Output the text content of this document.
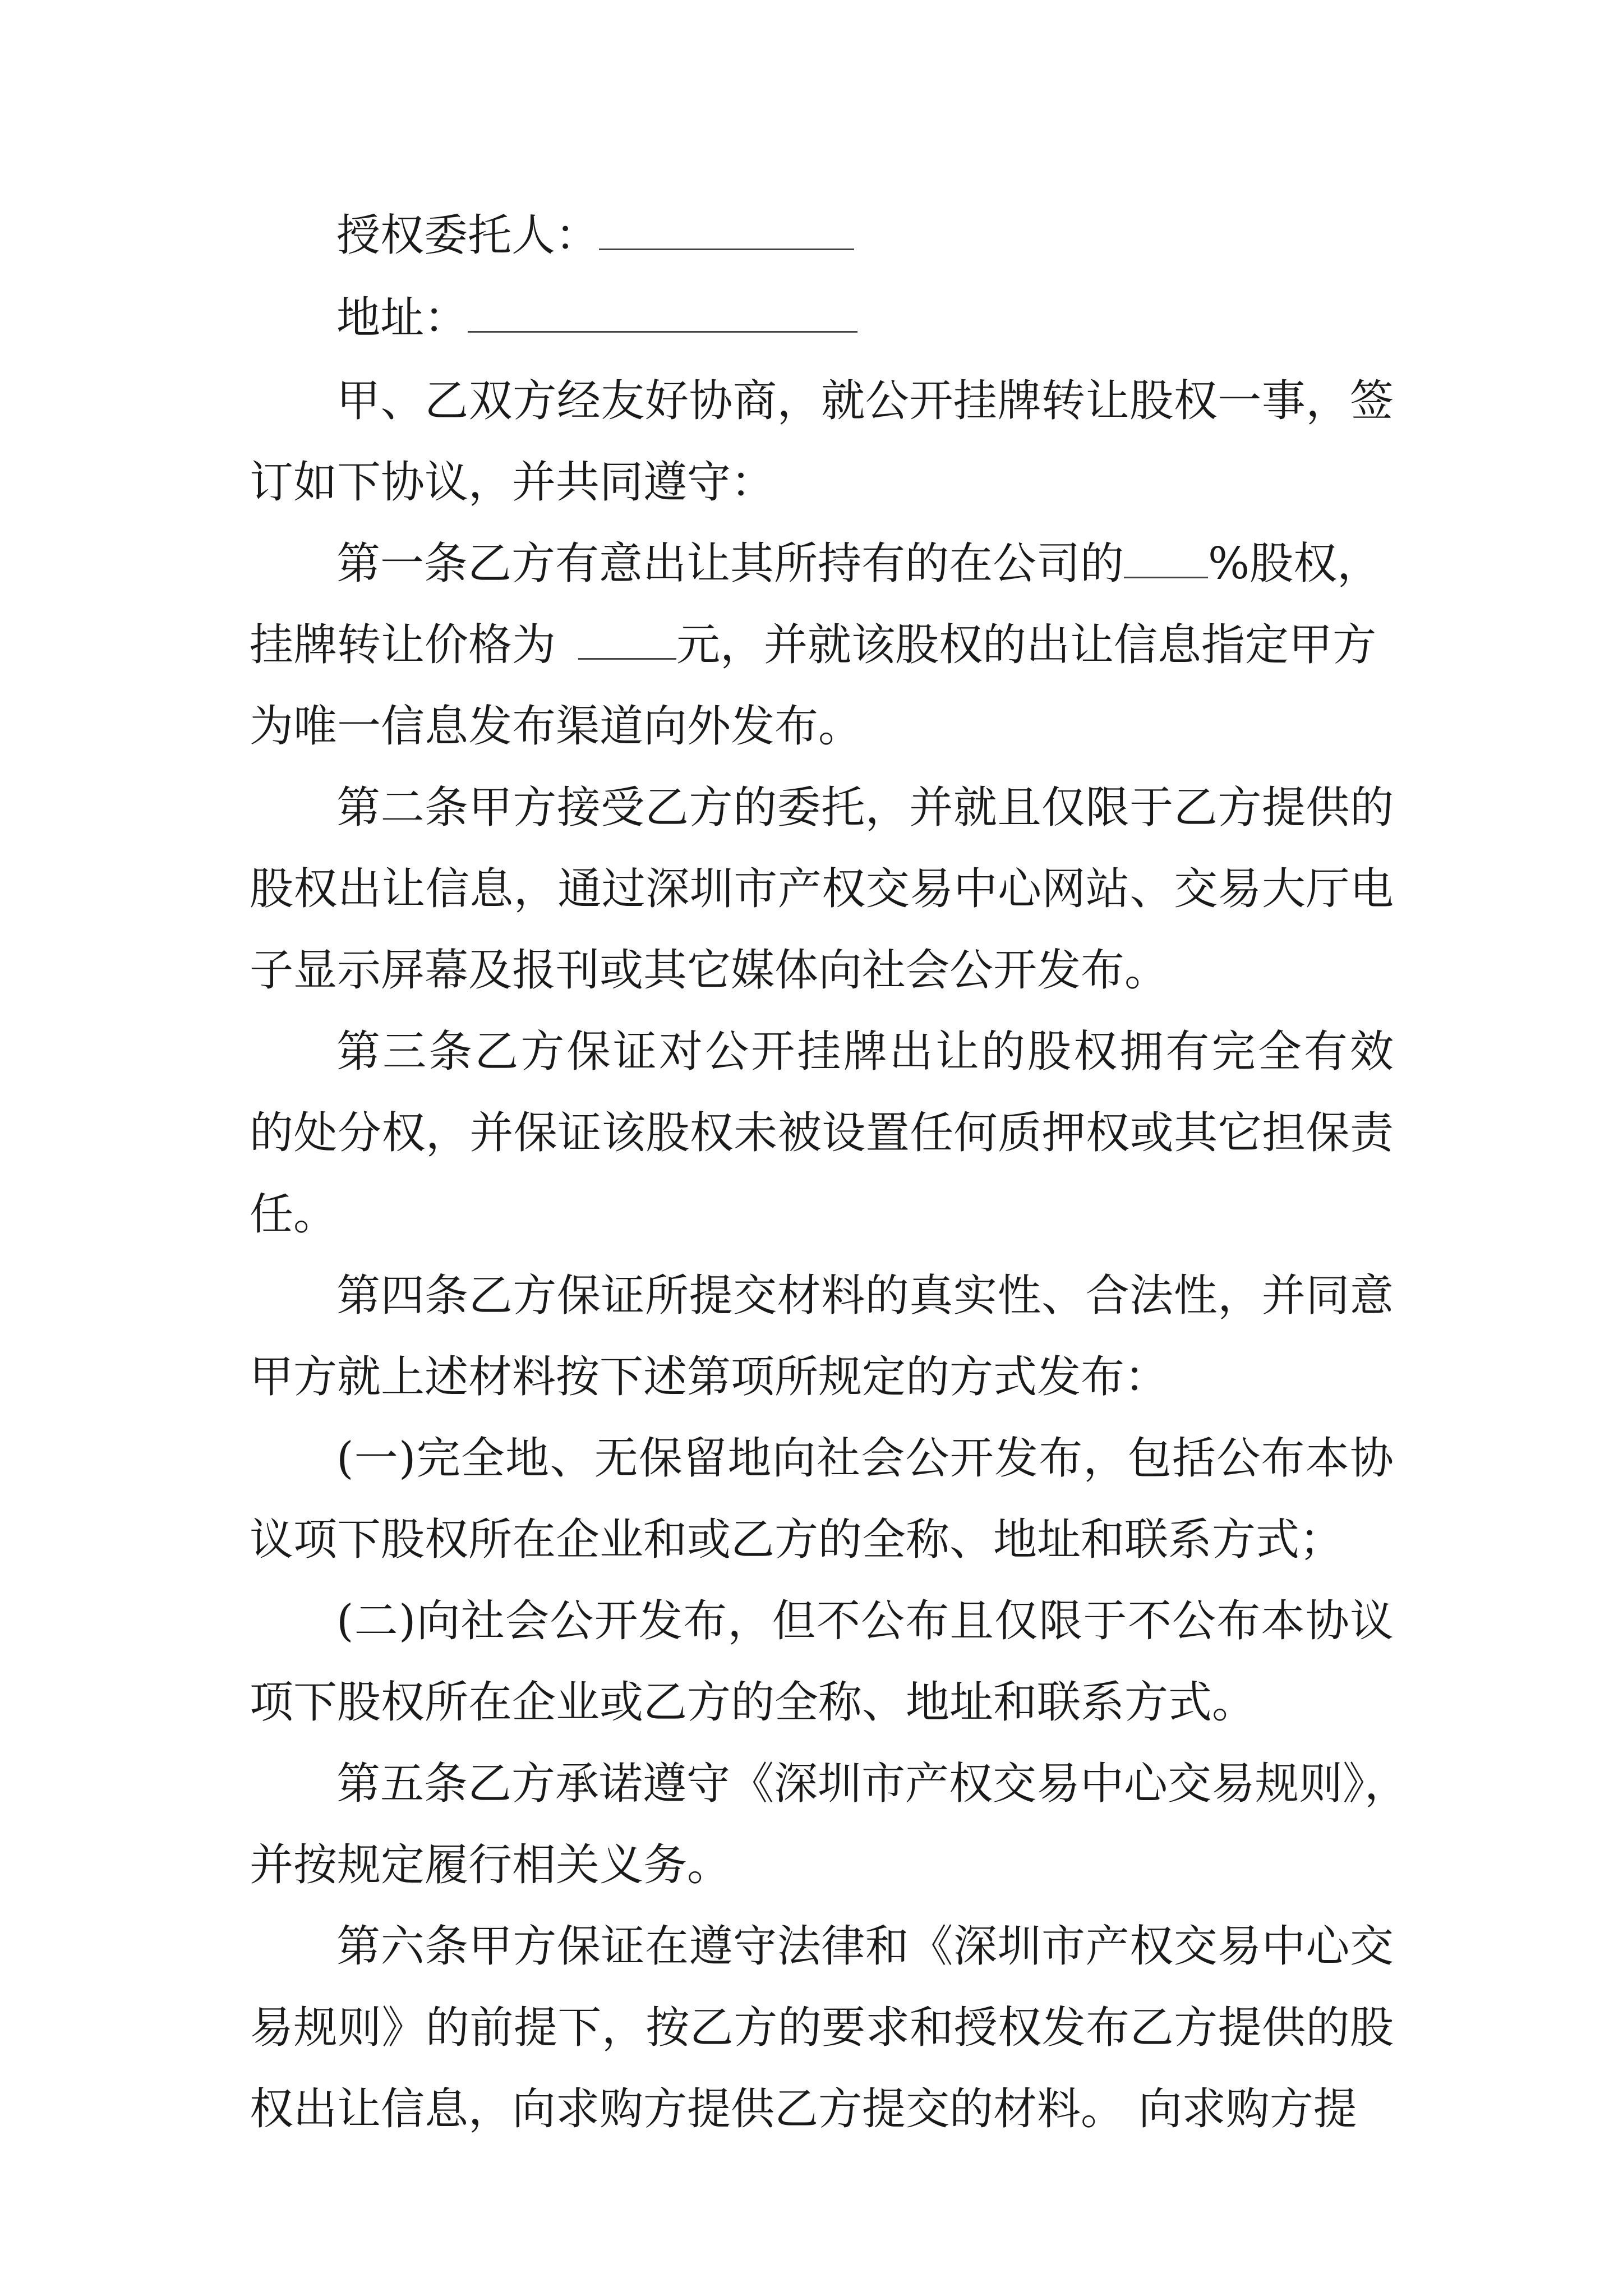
授权委托人：
地址：
甲、乙双方经友好协商，就公开挂牌转让股权一事，签
订如下协议，并共同遵守：
第一条乙方有意出让其所持有的在公司的 %股权，
挂牌转让价格为	元，并就该股权的出让信息指定甲方
为唯一信息发布渠道向外发布。
第二条甲方接受乙方的委托，并就且仅限于乙方提供的
股权出让信息，通过深圳市产权交易中心网站、交易大厅电
子显示屏幕及报刊或其它媒体向社会公开发布。
第三条乙方保证对公开挂牌出让的股权拥有完全有效
的处分权，并保证该股权未被设置任何质押权或其它担保责
任。
第四条乙方保证所提交材料的真实性、合法性，并同意
甲方就上述材料按下述第项所规定的方式发布：
(一)完全地、无保留地向社会公开发布，包括公布本协
议项下股权所在企业和或乙方的全称、地址和联系方式；
(二)向社会公开发布，但不公布且仅限于不公布本协议
项下股权所在企业或乙方的全称、地址和联系方式。
第五条乙方承诺遵守《深圳市产权交易中心交易规则》，
并按规定履行相关义务。
第六条甲方保证在遵守法律和《深圳市产权交易中心交
易规则》的前提下，按乙方的要求和授权发布乙方提供的股
权出让信息，向求购方提供乙方提交的材料。 向求购方提
